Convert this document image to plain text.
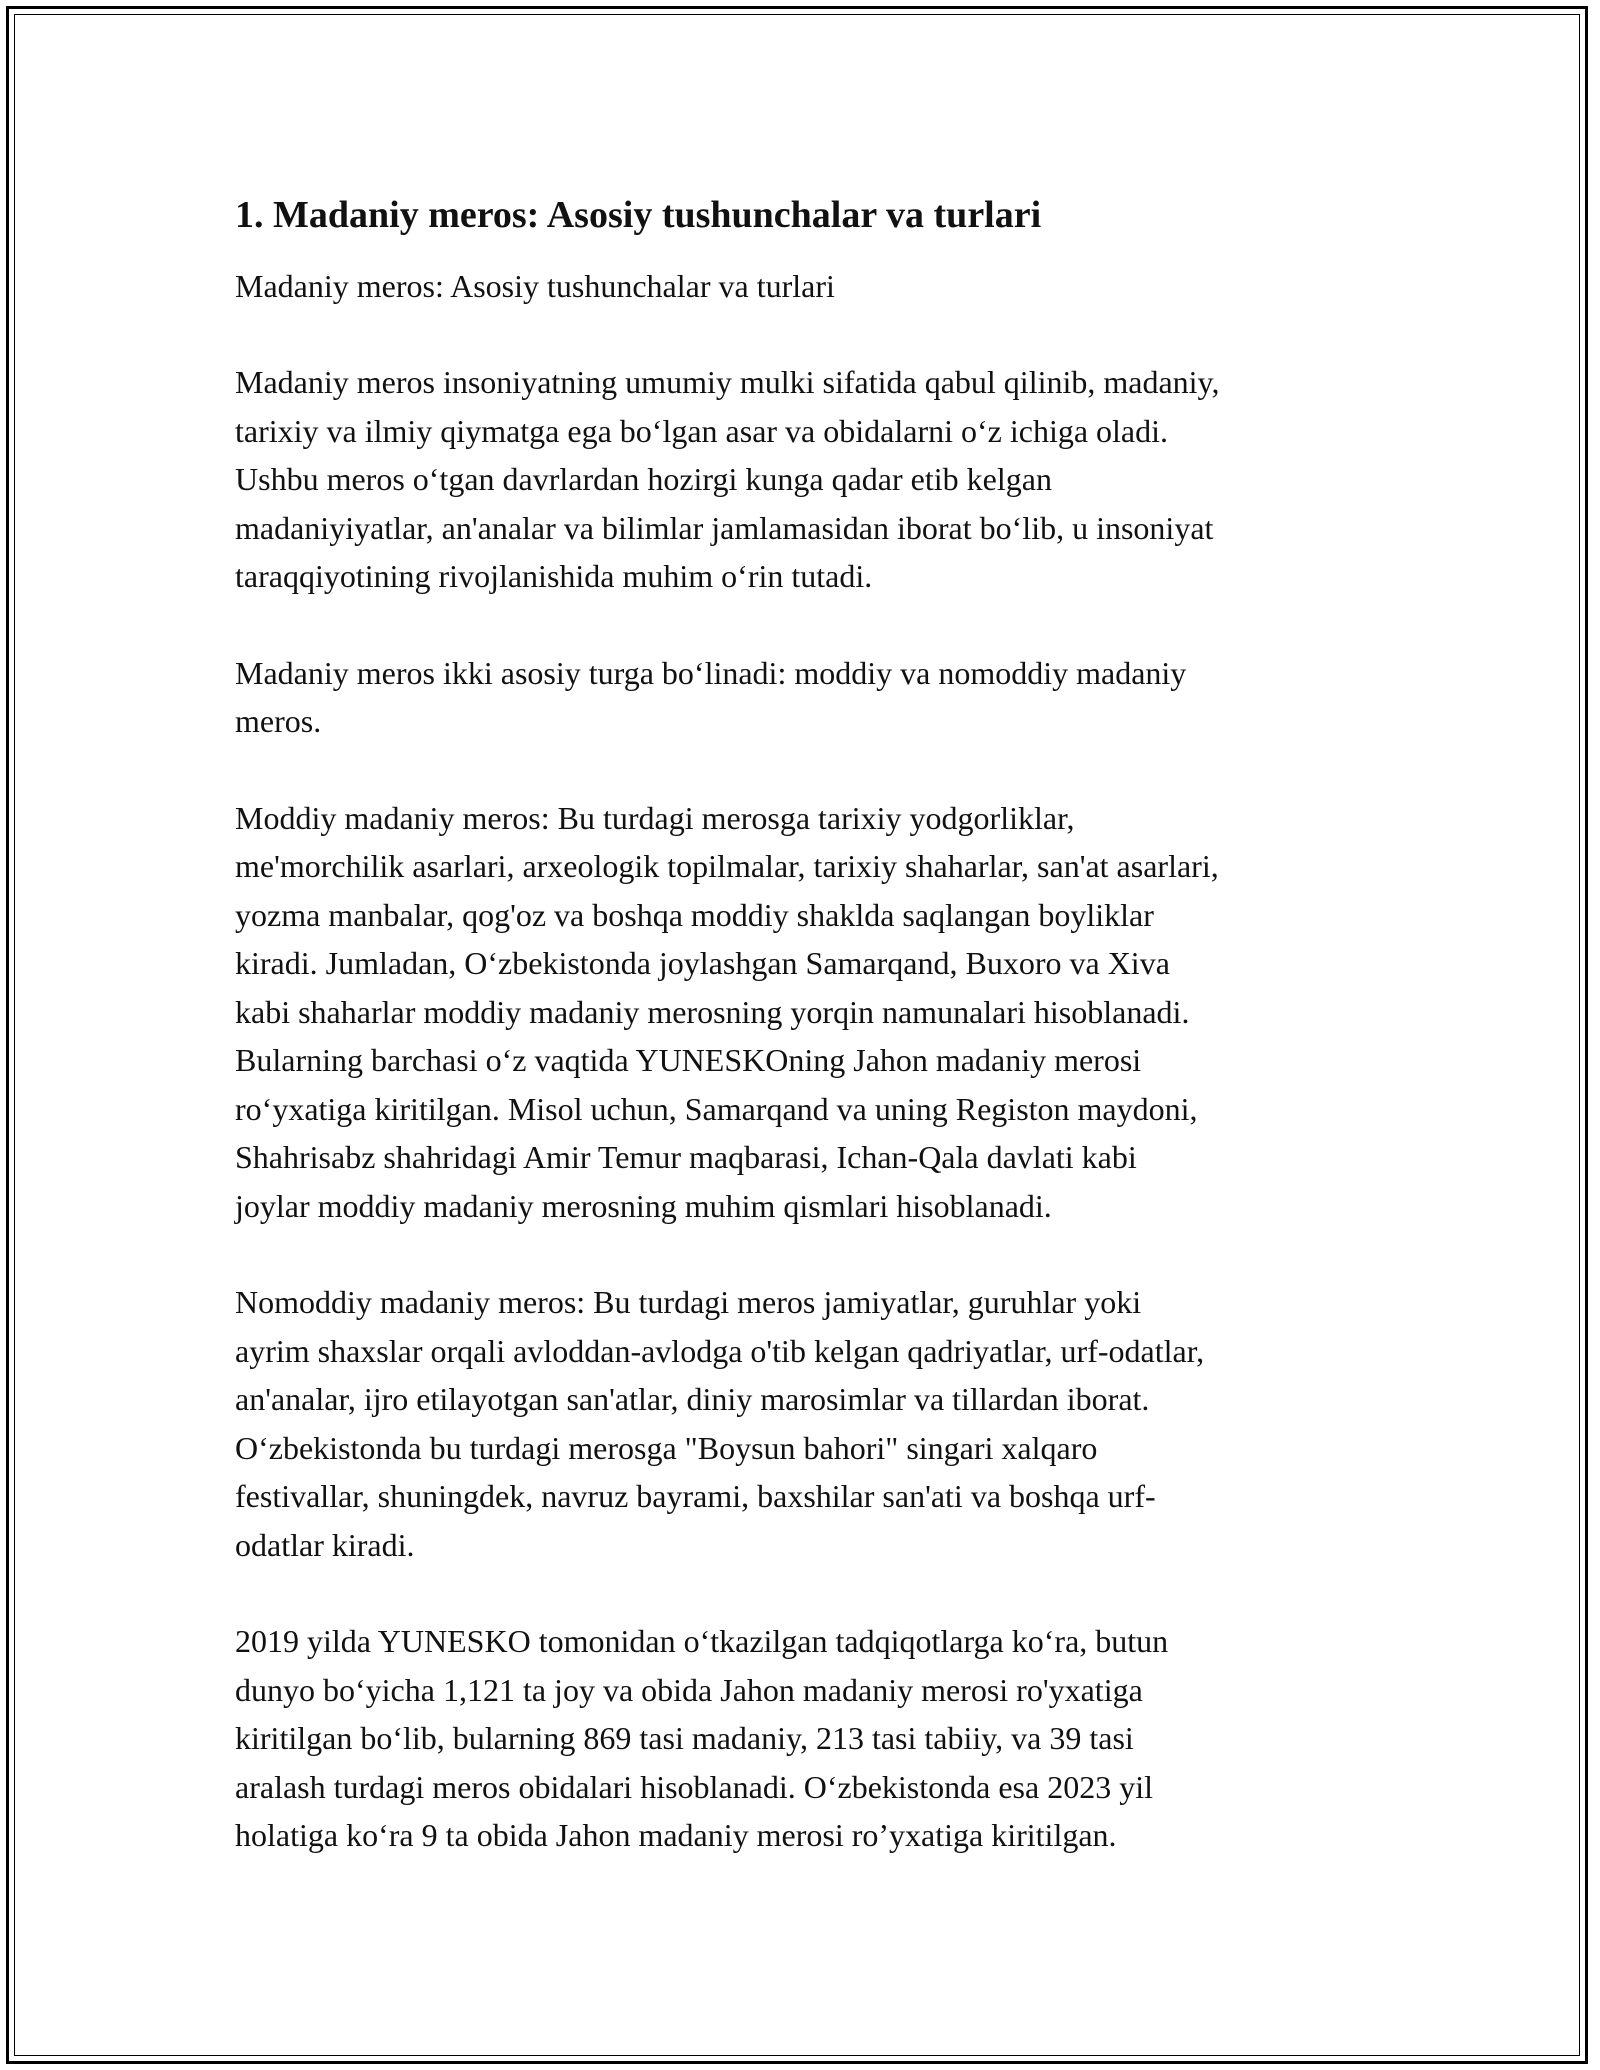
1. Madaniy meros: Asosiy tushunchalar va turlari

Madaniy meros: Asosiy tushunchalar va turlari

Madaniy meros insoniyatning umumiy mulki sifatida qabul qilinib, madaniy,
tarixiy va ilmiy qiymatga ega boʻlgan asar va obidalarni oʻz ichiga oladi.
Ushbu meros oʻtgan davrlardan hozirgi kunga qadar etib kelgan
madaniyiyatlar, an'analar va bilimlar jamlamasidan iborat boʻlib, u insoniyat
taraqqiyotining rivojlanishida muhim oʻrin tutadi.

Madaniy meros ikki asosiy turga boʻlinadi: moddiy va nomoddiy madaniy
meros.

Moddiy madaniy meros: Bu turdagi merosga tarixiy yodgorliklar,
me'morchilik asarlari, arxeologik topilmalar, tarixiy shaharlar, san'at asarlari,
yozma manbalar, qog'oz va boshqa moddiy shakldа saqlangan boyliklar
kiradi. Jumladan, Oʻzbekistonda joylashgan Samarqand, Buxoro va Xiva
kabi shaharlar moddiy madaniy merosning yorqin namunalari hisoblanadi.
Bularning barchasi oʻz vaqtida YUNESKOning Jahon madaniy merosi
roʻyxatiga kiritilgan. Misol uchun, Samarqand va uning Registon maydoni,
Shahrisabz shahridagi Amir Temur maqbarasi, Ichan-Qala davlati kabi
joylar moddiy madaniy merosning muhim qismlari hisoblanadi.

Nomoddiy madaniy meros: Bu turdagi meros jamiyatlar, guruhlar yoki
ayrim shaxslar orqali avloddan-avlodga o'tib kelgan qadriyatlar, urf-odatlar,
an'analar, ijro etilayotgan san'atlar, diniy marosimlar va tillardan iborat.
Oʻzbekistonda bu turdagi merosga "Boysun bahori" singari xalqaro
festivallar, shuningdek, navruz bayrami, baxshilar san'ati va boshqa urf-
odatlar kiradi.

2019 yilda YUNESKO tomonidan oʻtkazilgan tadqiqotlarga koʻra, butun
dunyo boʻyicha 1,121 ta joy va obida Jahon madaniy merosi ro'yxatiga
kiritilgan boʻlib, bularning 869 tasi madaniy, 213 tasi tabiiy, va 39 tasi
aralash turdagi meros obidalari hisoblanadi. Oʻzbekistonda esa 2023 yil
holatiga koʻra 9 ta obida Jahon madaniy merosi ro’yxatiga kiritilgan.
